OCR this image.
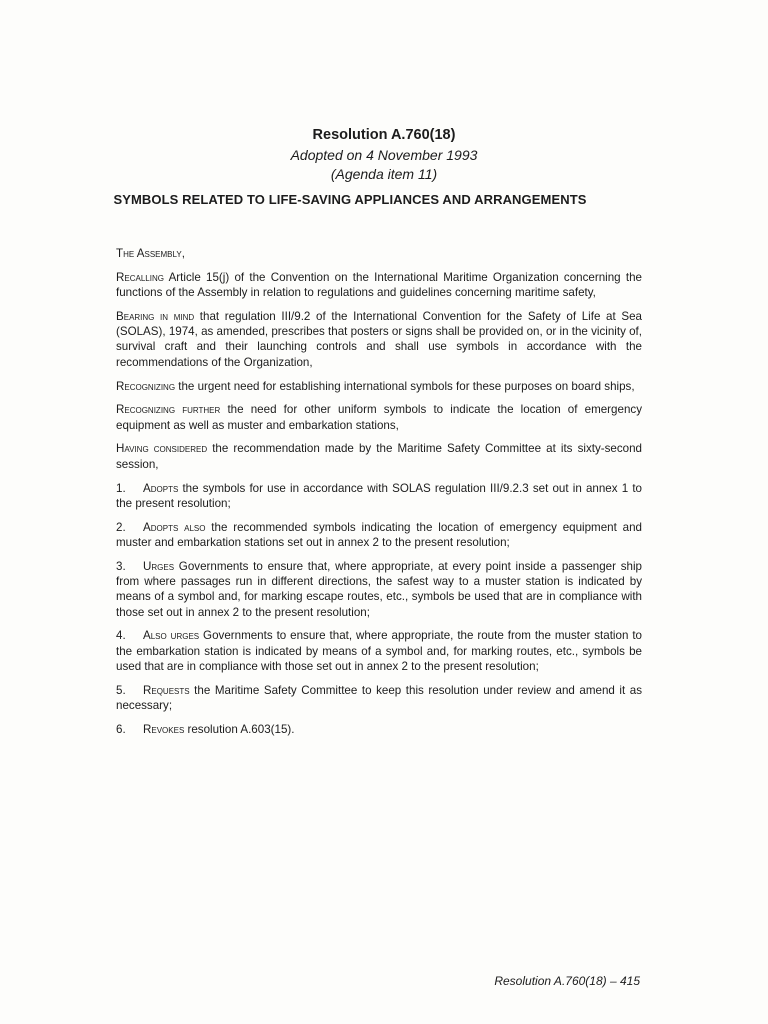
Resolution A.760(18)
Adopted on 4 November 1993
(Agenda item 11)
SYMBOLS RELATED TO LIFE-SAVING APPLIANCES AND ARRANGEMENTS

The Assembly,

Recalling Article 15(j) of the Convention on the International Maritime Organization concerning the functions of the Assembly in relation to regulations and guidelines concerning maritime safety,

Bearing in mind that regulation III/9.2 of the International Convention for the Safety of Life at Sea (SOLAS), 1974, as amended, prescribes that posters or signs shall be provided on, or in the vicinity of, survival craft and their launching controls and shall use symbols in accordance with the recommendations of the Organization,

Recognizing the urgent need for establishing international symbols for these purposes on board ships,

Recognizing further the need for other uniform symbols to indicate the location of emergency equipment as well as muster and embarkation stations,

Having considered the recommendation made by the Maritime Safety Committee at its sixty-second session,

1. Adopts the symbols for use in accordance with SOLAS regulation III/9.2.3 set out in annex 1 to the present resolution;

2. Adopts also the recommended symbols indicating the location of emergency equipment and muster and embarkation stations set out in annex 2 to the present resolution;

3. Urges Governments to ensure that, where appropriate, at every point inside a passenger ship from where passages run in different directions, the safest way to a muster station is indicated by means of a symbol and, for marking escape routes, etc., symbols be used that are in compliance with those set out in annex 2 to the present resolution;

4. Also urges Governments to ensure that, where appropriate, the route from the muster station to the embarkation station is indicated by means of a symbol and, for marking routes, etc., symbols be used that are in compliance with those set out in annex 2 to the present resolution;

5. Requests the Maritime Safety Committee to keep this resolution under review and amend it as necessary;

6. Revokes resolution A.603(15).

Resolution A.760(18) – 415
